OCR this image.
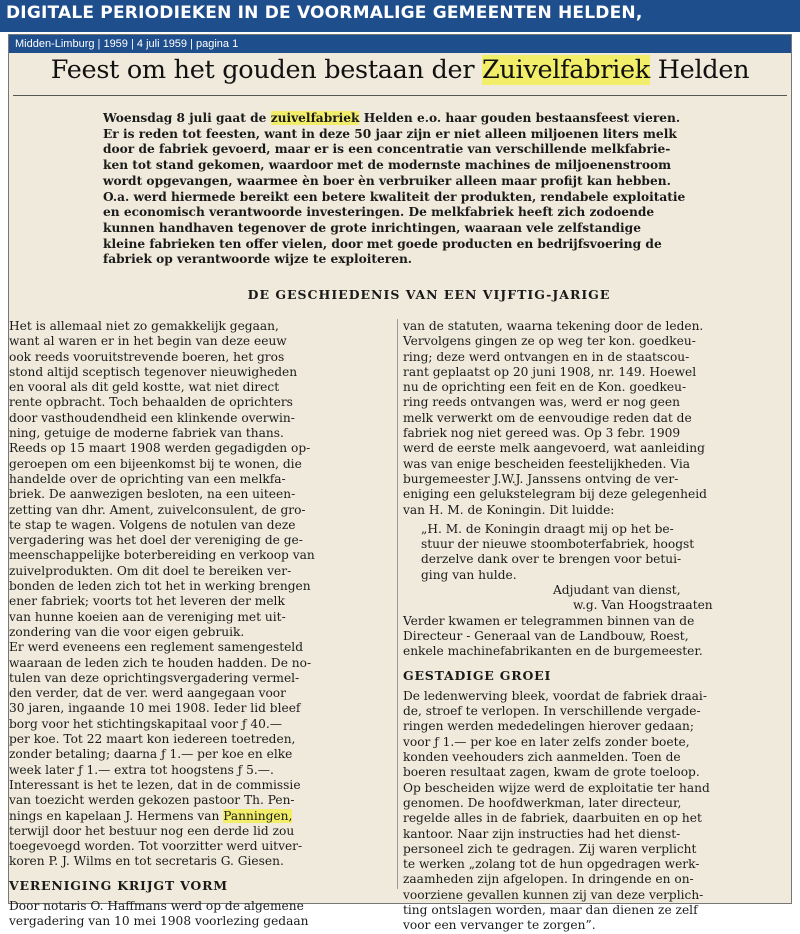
DIGITALE PERIODIEKEN IN DE VOORMALIGE GEMEENTEN HELDEN,
Midden-Limburg | 1959 | 4 juli 1959 | pagina 1
Feest om het gouden bestaan der Zuivelfabriek Helden
Woensdag 8 juli gaat de zuivelfabriek Helden e.o. haar gouden bestaansfeest vieren.
Er is reden tot feesten, want in deze 50 jaar zijn er niet alleen miljoenen liters melk
door de fabriek gevoerd, maar er is een concentratie van verschillende melkfabrie-
ken tot stand gekomen, waardoor met de modernste machines de miljoenenstroom
wordt opgevangen, waarmee èn boer èn verbruiker alleen maar profijt kan hebben.
O.a. werd hiermede bereikt een betere kwaliteit der produkten, rendabele exploitatie
en economisch verantwoorde investeringen. De melkfabriek heeft zich zodoende
kunnen handhaven tegenover de grote inrichtingen, waaraan vele zelfstandige
kleine fabrieken ten offer vielen, door met goede producten en bedrijfsvoering de
fabriek op verantwoorde wijze te exploiteren.
DE GESCHIEDENIS VAN EEN VIJFTIG-JARIGE
Het is allemaal niet zo gemakkelijk gegaan,
want al waren er in het begin van deze eeuw
ook reeds vooruitstrevende boeren, het gros
stond altijd sceptisch tegenover nieuwigheden
en vooral als dit geld kostte, wat niet direct
rente opbracht. Toch behaalden de oprichters
door vasthoudendheid een klinkende overwin-
ning, getuige de moderne fabriek van thans.
Reeds op 15 maart 1908 werden gegadigden op-
geroepen om een bijeenkomst bij te wonen, die
handelde over de oprichting van een melkfa-
briek. De aanwezigen besloten, na een uiteen-
zetting van dhr. Ament, zuivelconsulent, de gro-
te stap te wagen. Volgens de notulen van deze
vergadering was het doel der vereniging de ge-
meenschappelijke boterbereiding en verkoop van
zuivelprodukten. Om dit doel te bereiken ver-
bonden de leden zich tot het in werking brengen
ener fabriek; voorts tot het leveren der melk
van hunne koeien aan de vereniging met uit-
zondering van die voor eigen gebruik.
Er werd eveneens een reglement samengesteld
waaraan de leden zich te houden hadden. De no-
tulen van deze oprichtingsvergadering vermel-
den verder, dat de ver. werd aangegaan voor
30 jaren, ingaande 10 mei 1908. Ieder lid bleef
borg voor het stichtingskapitaal voor ƒ 40.—
per koe. Tot 22 maart kon iedereen toetreden,
zonder betaling; daarna ƒ 1.— per koe en elke
week later ƒ 1.— extra tot hoogstens ƒ 5.—.
Interessant is het te lezen, dat in de commissie
van toezicht werden gekozen pastoor Th. Pen-
nings en kapelaan J. Hermens van Panningen,
terwijl door het bestuur nog een derde lid zou
toegevoegd worden. Tot voorzitter werd uitver-
koren P. J. Wilms en tot secretaris G. Giesen.
VERENIGING KRIJGT VORM
Door notaris O. Haffmans werd op de algemene
vergadering van 10 mei 1908 voorlezing gedaan
van de statuten, waarna tekening door de leden.
Vervolgens gingen ze op weg ter kon. goedkeu-
ring; deze werd ontvangen en in de staatscou-
rant geplaatst op 20 juni 1908, nr. 149. Hoewel
nu de oprichting een feit en de Kon. goedkeu-
ring reeds ontvangen was, werd er nog geen
melk verwerkt om de eenvoudige reden dat de
fabriek nog niet gereed was. Op 3 febr. 1909
werd de eerste melk aangevoerd, wat aanleiding
was van enige bescheiden feestelijkheden. Via
burgemeester J.W.J. Janssens ontving de ver-
eniging een gelukstelegram bij deze gelegenheid
van H. M. de Koningin. Dit luidde:
„H. M. de Koningin draagt mij op het be-
stuur der nieuwe stoomboterfabriek, hoogst
derzelve dank over te brengen voor betui-
ging van hulde.
Adjudant van dienst,
w.g. Van Hoogstraaten
Verder kwamen er telegrammen binnen van de
Directeur - Generaal van de Landbouw, Roest,
enkele machinefabrikanten en de burgemeester.
GESTADIGE GROEI
De ledenwerving bleek, voordat de fabriek draai-
de, stroef te verlopen. In verschillende vergade-
ringen werden mededelingen hierover gedaan;
voor ƒ 1.— per koe en later zelfs zonder boete,
konden veehouders zich aanmelden. Toen de
boeren resultaat zagen, kwam de grote toeloop.
Op bescheiden wijze werd de exploitatie ter hand
genomen. De hoofdwerkman, later directeur,
regelde alles in de fabriek, daarbuiten en op het
kantoor. Naar zijn instructies had het dienst-
personeel zich te gedragen. Zij waren verplicht
te werken „zolang tot de hun opgedragen werk-
zaamheden zijn afgelopen. In dringende en on-
voorziene gevallen kunnen zij van deze verplich-
ting ontslagen worden, maar dan dienen ze zelf
voor een vervanger te zorgen”.
